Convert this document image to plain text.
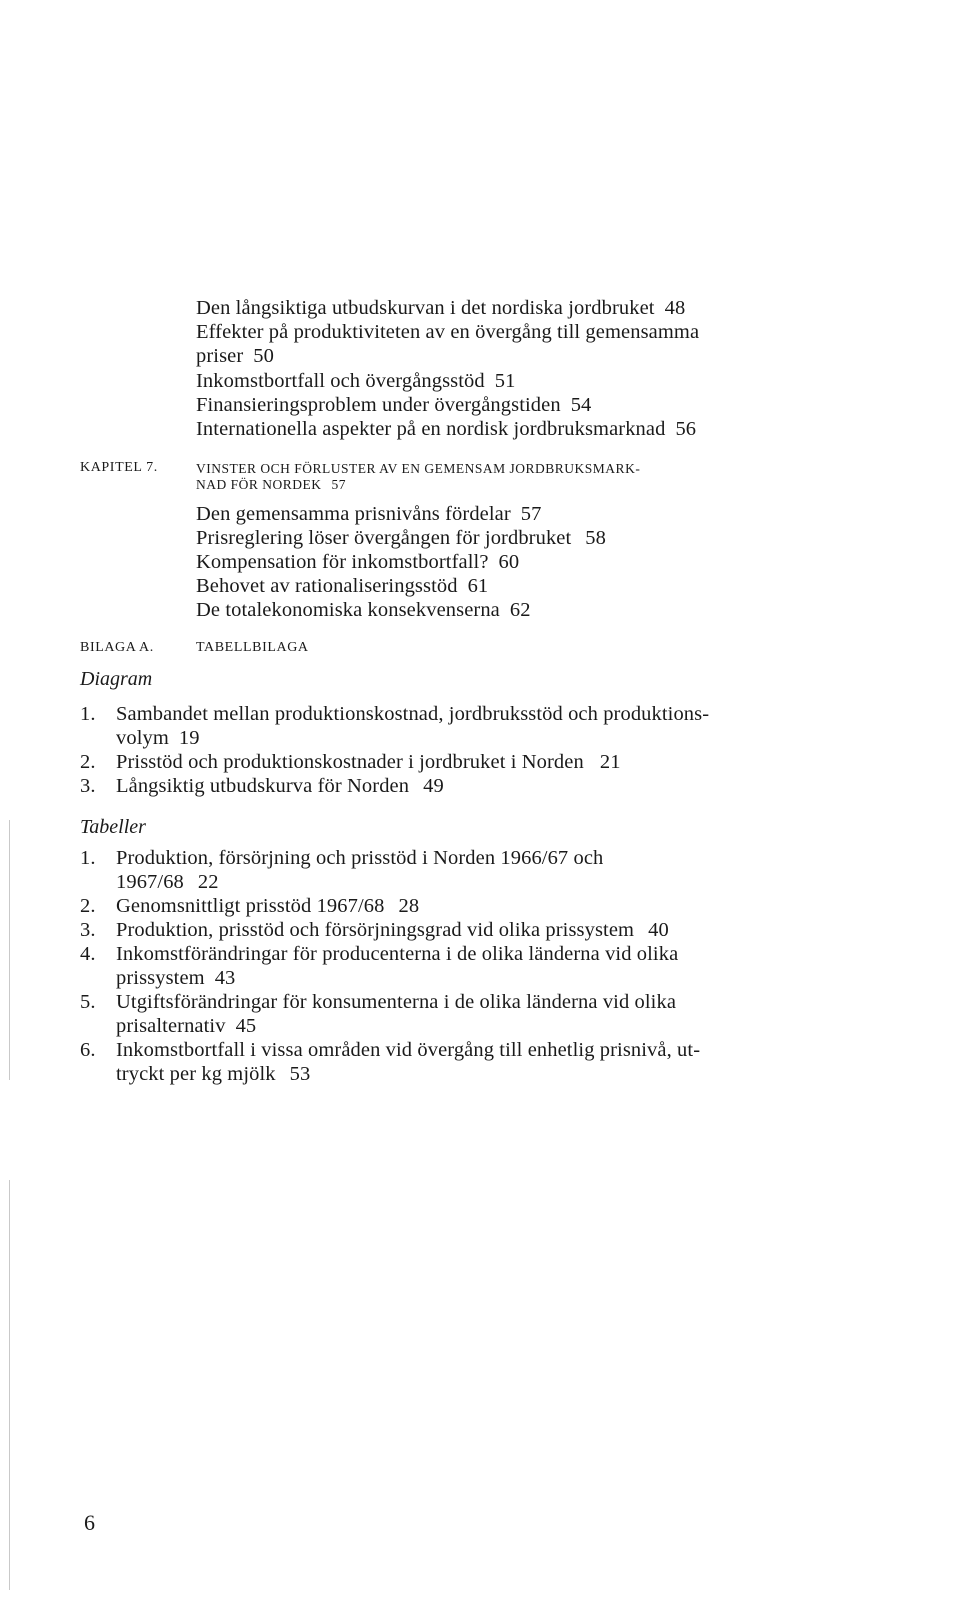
Den långsiktiga utbudskurvan i det nordiska jordbruket 48
Effekter på produktiviteten av en övergång till gemensamma
priser 50
Inkomstbortfall och övergångsstöd 51
Finansieringsproblem under övergångstiden 54
Internationella aspekter på en nordisk jordbruksmarknad 56
KAPITEL 7.	VINSTER OCH FÖRLUSTER AV EN GEMENSAM JORDBRUKSMARK-
NAD FÖR NORDEK 57
Den gemensamma prisnivåns fördelar 57
Prisreglering löser övergången för jordbruket 58
Kompensation för inkomstbortfall? 60
Behovet av rationaliseringsstöd 61
De totalekonomiska konsekvenserna 62
BILAGA A.	TABELLBILAGA
Diagram
1. Sambandet mellan produktionskostnad, jordbruksstöd och produktions-
volym 19
2. Prisstöd och produktionskostnader i jordbruket i Norden 21
3. Långsiktig utbudskurva för Norden 49
Tabeller
1. Produktion, försörjning och prisstöd i Norden 1966/67 och
1967/68 22
2. Genomsnittligt prisstöd 1967/68 28
3. Produktion, prisstöd och försörjningsgrad vid olika prissystem 40
4. Inkomstförändringar för producenterna i de olika länderna vid olika
prissystem 43
5. Utgiftsförändringar för konsumenterna i de olika länderna vid olika
prisalternativ 45
6. Inkomstbortfall i vissa områden vid övergång till enhetlig prisnivå, ut-
tryckt per kg mjölk 53
6
